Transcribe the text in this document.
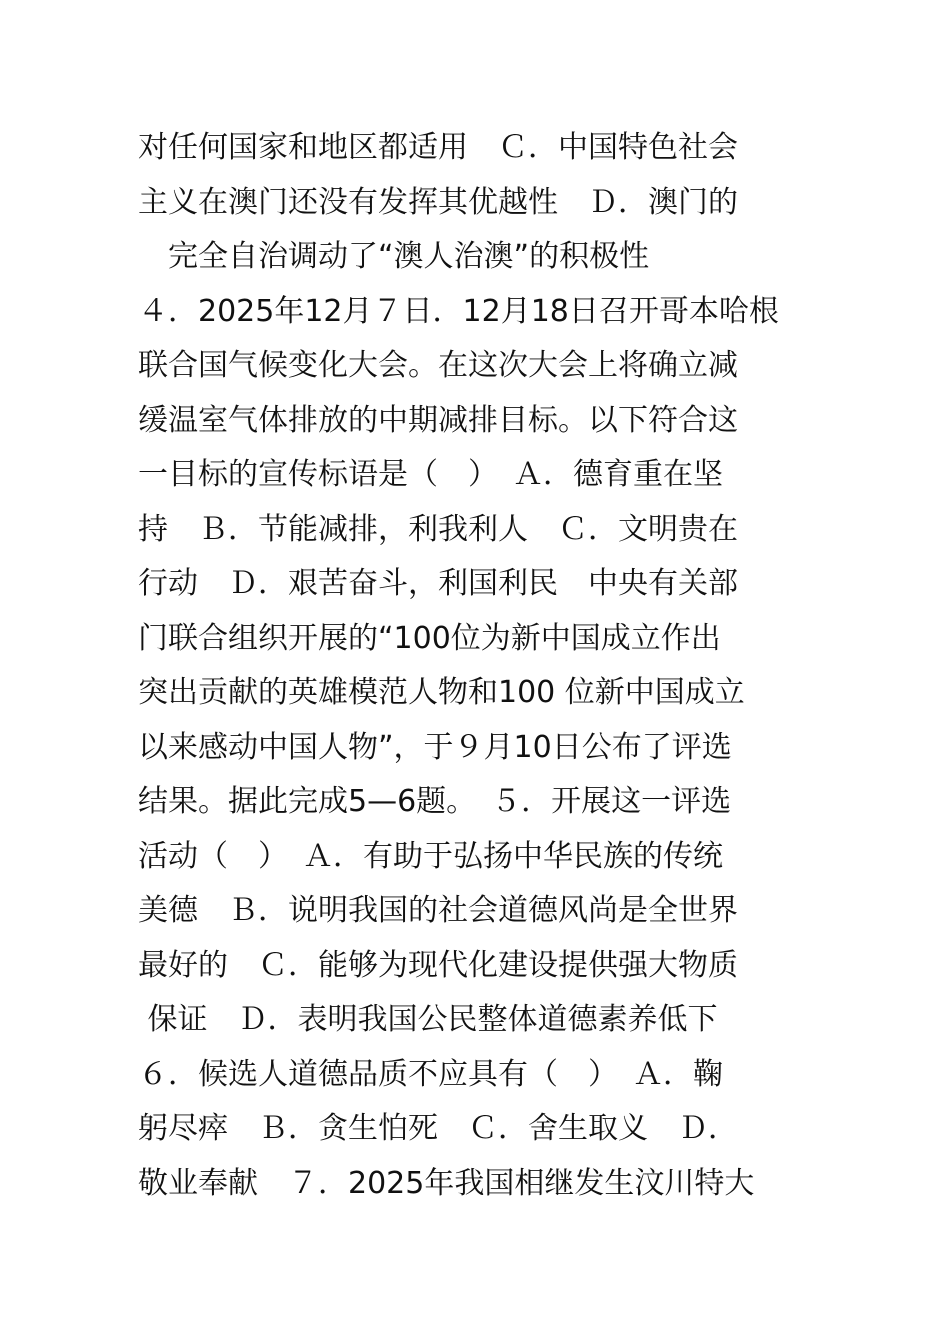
对任何国家和地区都适用　Ｃ．中国特色社会
主义在澳门还没有发挥其优越性　Ｄ．澳门的
　完全自治调动了“澳人治澳”的积极性
４．2025年12月７日．12月18日召开哥本哈根
联合国气候变化大会。在这次大会上将确立减
缓温室气体排放的中期减排目标。以下符合这
一目标的宣传标语是（　）　Ａ．德育重在坚
持　Ｂ．节能减排，利我利人　Ｃ．文明贵在
行动　Ｄ．艰苦奋斗，利国利民　中央有关部
门联合组织开展的“100位为新中国成立作出
突出贡献的英雄模范人物和100 位新中国成立
以来感动中国人物”，于９月10日公布了评选
结果。据此完成5—6题。　５．开展这一评选
活动（　）　Ａ．有助于弘扬中华民族的传统
美德　Ｂ．说明我国的社会道德风尚是全世界
最好的　Ｃ．能够为现代化建设提供强大物质
保证　Ｄ．表明我国公民整体道德素养低下
６．候选人道德品质不应具有（　）　Ａ．鞠
躬尽瘁　Ｂ．贪生怕死　Ｃ．舍生取义　Ｄ．
敬业奉献　７．2025年我国相继发生汶川特大
